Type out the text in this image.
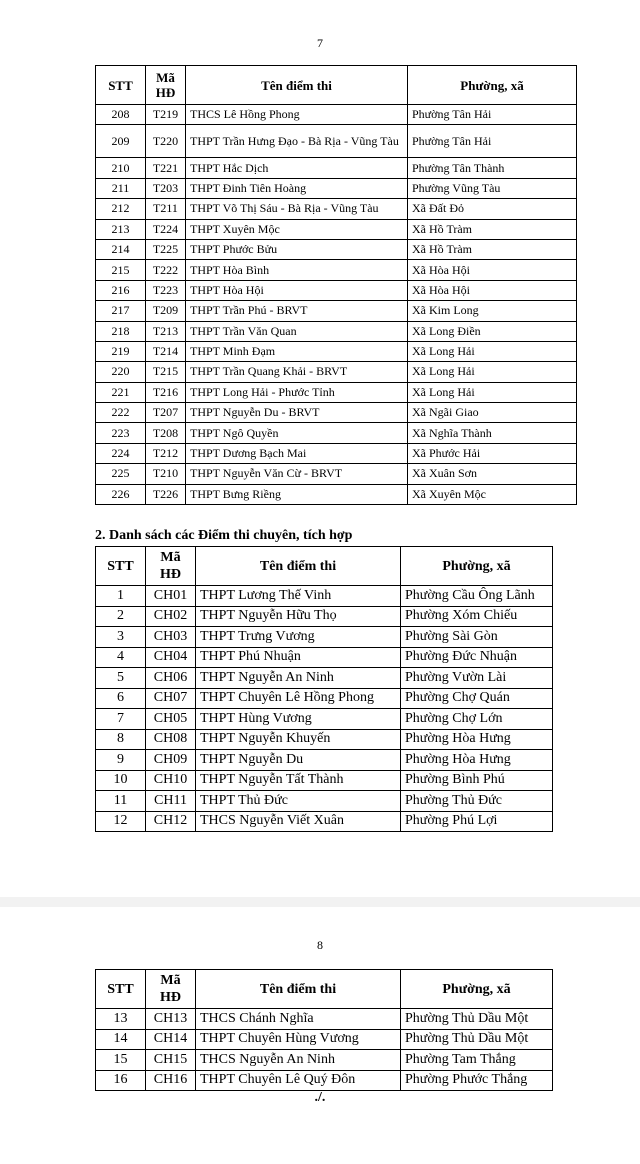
7
STT	Mã HĐ	Tên điểm thi	Phường, xã
208	T219	THCS Lê Hồng Phong	Phường Tân Hải
209	T220	THPT Trần Hưng Đạo - Bà Rịa - Vũng Tàu	Phường Tân Hải
210	T221	THPT Hắc Dịch	Phường Tân Thành
211	T203	THPT Đinh Tiên Hoàng	Phường Vũng Tàu
212	T211	THPT Võ Thị Sáu - Bà Rịa - Vũng Tàu	Xã Đất Đỏ
213	T224	THPT Xuyên Mộc	Xã Hồ Tràm
214	T225	THPT Phước Bửu	Xã Hồ Tràm
215	T222	THPT Hòa Bình	Xã Hòa Hội
216	T223	THPT Hòa Hội	Xã Hòa Hội
217	T209	THPT Trần Phú - BRVT	Xã Kim Long
218	T213	THPT Trần Văn Quan	Xã Long Điền
219	T214	THPT Minh Đạm	Xã Long Hải
220	T215	THPT Trần Quang Khải - BRVT	Xã Long Hải
221	T216	THPT Long Hải - Phước Tỉnh	Xã Long Hải
222	T207	THPT Nguyễn Du - BRVT	Xã Ngãi Giao
223	T208	THPT Ngô Quyền	Xã Nghĩa Thành
224	T212	THPT Dương Bạch Mai	Xã Phước Hải
225	T210	THPT Nguyễn Văn Cừ - BRVT	Xã Xuân Sơn
226	T226	THPT Bưng Riềng	Xã Xuyên Mộc
2. Danh sách các Điểm thi chuyên, tích hợp
STT	Mã HĐ	Tên điểm thi	Phường, xã
1	CH01	THPT Lương Thế Vinh	Phường Cầu Ông Lãnh
2	CH02	THPT Nguyễn Hữu Thọ	Phường Xóm Chiếu
3	CH03	THPT Trưng Vương	Phường Sài Gòn
4	CH04	THPT Phú Nhuận	Phường Đức Nhuận
5	CH06	THPT Nguyễn An Ninh	Phường Vườn Lài
6	CH07	THPT Chuyên Lê Hồng Phong	Phường Chợ Quán
7	CH05	THPT Hùng Vương	Phường Chợ Lớn
8	CH08	THPT Nguyễn Khuyến	Phường Hòa Hưng
9	CH09	THPT Nguyễn Du	Phường Hòa Hưng
10	CH10	THPT Nguyễn Tất Thành	Phường Bình Phú
11	CH11	THPT Thủ Đức	Phường Thủ Đức
12	CH12	THCS Nguyễn Viết Xuân	Phường Phú Lợi
8
STT	Mã HĐ	Tên điểm thi	Phường, xã
13	CH13	THCS Chánh Nghĩa	Phường Thủ Dầu Một
14	CH14	THPT Chuyên Hùng Vương	Phường Thủ Dầu Một
15	CH15	THCS Nguyễn An Ninh	Phường Tam Thắng
16	CH16	THPT Chuyên Lê Quý Đôn	Phường Phước Thắng
./.
